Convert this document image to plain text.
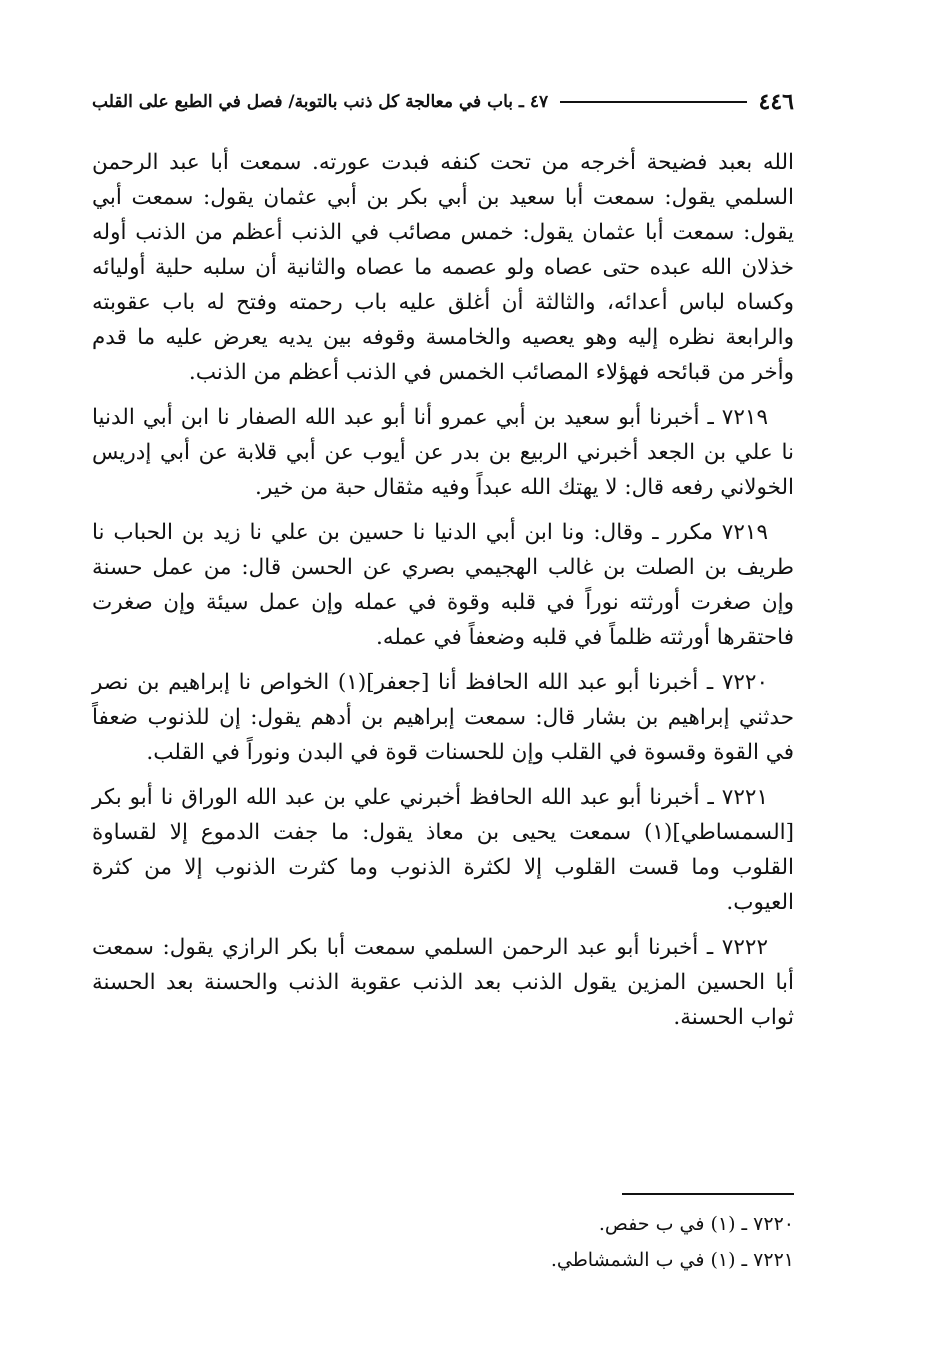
٤٤٦
٤٧ ـ باب في معالجة كل ذنب بالتوبة/ فصل في الطبع على القلب

الله بعبد فضيحة أخرجه من تحت كنفه فبدت عورته. سمعت أبا عبد الرحمن السلمي يقول: سمعت أبا سعيد بن أبي بكر بن أبي عثمان يقول: سمعت أبي يقول: سمعت أبا عثمان يقول: خمس مصائب في الذنب أعظم من الذنب أوله خذلان الله عبده حتى عصاه ولو عصمه ما عصاه والثانية أن سلبه حلية أوليائه وكساه لباس أعدائه، والثالثة أن أغلق عليه باب رحمته وفتح له باب عقوبته والرابعة نظره إليه وهو يعصيه والخامسة وقوفه بين يديه يعرض عليه ما قدم وأخر من قبائحه فهؤلاء المصائب الخمس في الذنب أعظم من الذنب.

٧٢١٩ ـ أخبرنا أبو سعيد بن أبي عمرو أنا أبو عبد الله الصفار نا ابن أبي الدنيا نا علي بن الجعد أخبرني الربيع بن بدر عن أيوب عن أبي قلابة عن أبي إدريس الخولاني رفعه قال: لا يهتك الله عبداً وفيه مثقال حبة من خير.

٧٢١٩ مكرر ـ وقال: ونا ابن أبي الدنيا نا حسين بن علي نا زيد بن الحباب نا طريف بن الصلت بن غالب الهجيمي بصري عن الحسن قال: من عمل حسنة وإن صغرت أورثته نوراً في قلبه وقوة في عمله وإن عمل سيئة وإن صغرت فاحتقرها أورثته ظلماً في قلبه وضعفاً في عمله.

٧٢٢٠ ـ أخبرنا أبو عبد الله الحافظ أنا [جعفر](١) الخواص نا إبراهيم بن نصر حدثني إبراهيم بن بشار قال: سمعت إبراهيم بن أدهم يقول: إن للذنوب ضعفاً في القوة وقسوة في القلب وإن للحسنات قوة في البدن ونوراً في القلب.

٧٢٢١ ـ أخبرنا أبو عبد الله الحافظ أخبرني علي بن عبد الله الوراق نا أبو بكر [السمساطي](١) سمعت يحيى بن معاذ يقول: ما جفت الدموع إلا لقساوة القلوب وما قست القلوب إلا لكثرة الذنوب وما كثرت الذنوب إلا من كثرة العيوب.

٧٢٢٢ ـ أخبرنا أبو عبد الرحمن السلمي سمعت أبا بكر الرازي يقول: سمعت أبا الحسين المزين يقول الذنب بعد الذنب عقوبة الذنب والحسنة بعد الحسنة ثواب الحسنة.

٧٢٢٠ ـ (١) في ب حفص.

٧٢٢١ ـ (١) في ب الشمشاطي.
